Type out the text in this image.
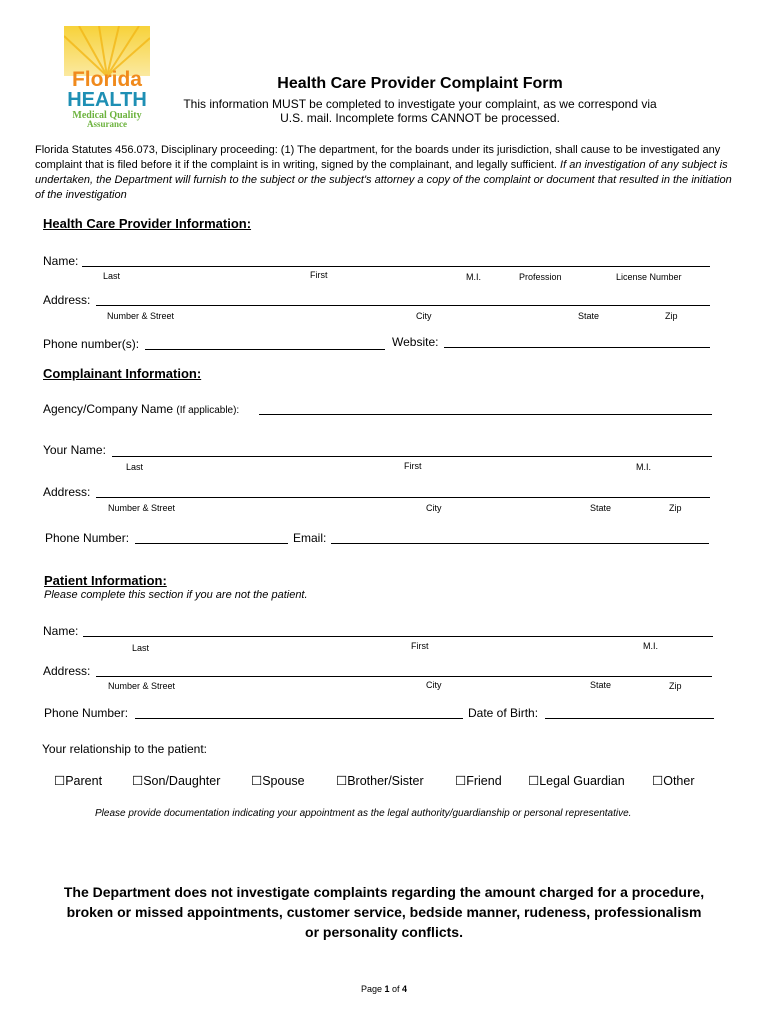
Florida
HEALTH
Medical Quality
Assurance
Health Care Provider Complaint Form
This information MUST be completed to investigate your complaint, as we correspond via
U.S. mail. Incomplete forms CANNOT be processed.
Florida Statutes 456.073, Disciplinary proceeding: (1) The department, for the boards under its jurisdiction, shall cause to be investigated any complaint that is filed before it if the complaint is in writing, signed by the complainant, and legally sufficient. If an investigation of any subject is undertaken, the Department will furnish to the subject or the subject's attorney a copy of the complaint or document that resulted in the initiation of the investigation
Health Care Provider Information:
Name:
Last	First	M.I.	Profession	License Number
Address:
Number & Street	City	State	Zip
Phone number(s):	Website:
Complainant Information:
Agency/Company Name (If applicable):
Your Name:
Last	First	M.I.
Address:
Number & Street	City	State	Zip
Phone Number:	Email:
Patient Information:
Please complete this section if you are not the patient.
Name:
Last	First	M.I.
Address:
Number & Street	City	State	Zip
Phone Number:	Date of Birth:
Your relationship to the patient:
☐Parent ☐Son/Daughter ☐Spouse	☐Brother/Sister	☐Friend ☐Legal Guardian ☐Other
Please provide documentation indicating your appointment as the legal authority/guardianship or personal representative.
The Department does not investigate complaints regarding the amount charged for a procedure,
broken or missed appointments, customer service, bedside manner, rudeness, professionalism
or personality conflicts.
Page 1 of 4
